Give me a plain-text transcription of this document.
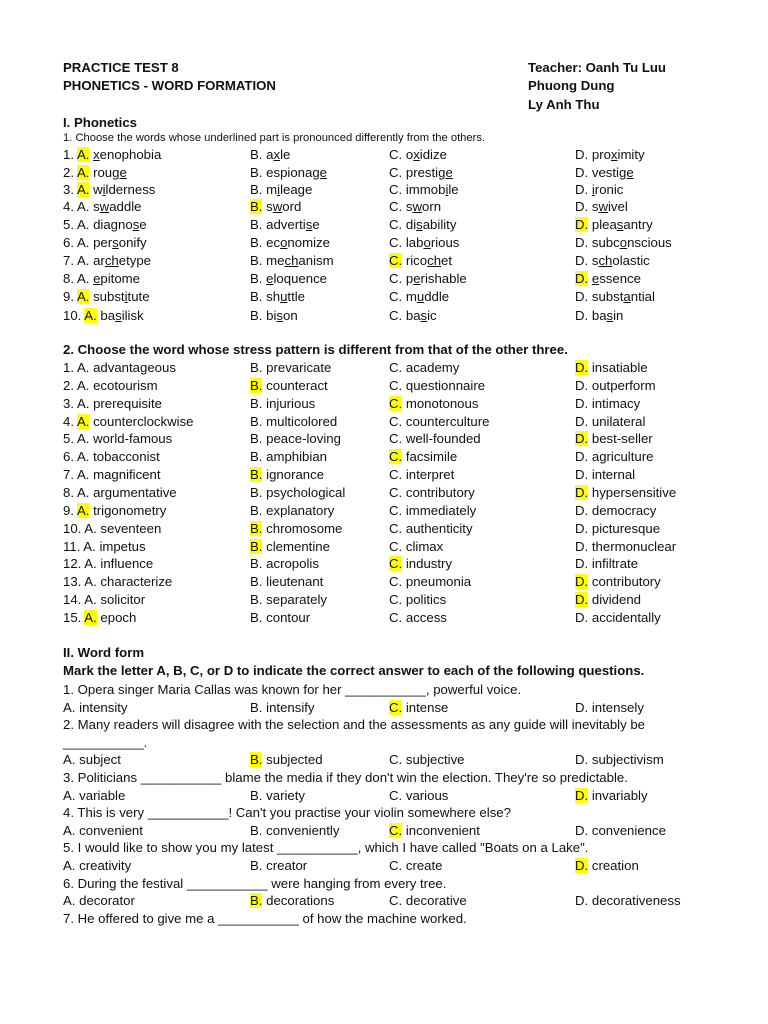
PRACTICE TEST 8
PHONETICS - WORD FORMATION
Teacher: Oanh Tu Luu
Phuong Dung
Ly Anh Thu
I. Phonetics
1. Choose the words whose underlined part is pronounced differently from the others.
1. A. xenophobia	B. axle	C. oxidize	D. proximity
2. A. rouge	B. espionage	C. prestige	D. vestige
3. A. wilderness	B. mileage	C. immobile	D. ironic
4. A. swaddle	B. sword	C. sworn	D. swivel
5. A. diagnose	B. advertise	C. disability	D. pleasantry
6. A. personify	B. economize	C. laborious	D. subconscious
7. A. archetype	B. mechanism	C. ricochet	D. scholastic
8. A. epitome	B. eloquence	C. perishable	D. essence
9. A. substitute	B. shuttle	C. muddle	D. substantial
10. A. basilisk	B. bison	C. basic	D. basin
2. Choose the word whose stress pattern is different from that of the other three.
1. A. advantageous	B. prevaricate	C. academy	D. insatiable
2. A. ecotourism	B. counteract	C. questionnaire	D. outperform
3. A. prerequisite	B. injurious	C. monotonous	D. intimacy
4. A. counterclockwise	B. multicolored	C. counterculture	D. unilateral
5. A. world-famous	B. peace-loving	C. well-founded	D. best-seller
6. A. tobacconist	B. amphibian	C. facsimile	D. agriculture
7. A. magnificent	B. ignorance	C. interpret	D. internal
8. A. argumentative	B. psychological	C. contributory	D. hypersensitive
9. A. trigonometry	B. explanatory	C. immediately	D. democracy
10. A. seventeen	B. chromosome	C. authenticity	D. picturesque
11. A. impetus	B. clementine	C. climax	D. thermonuclear
12. A. influence	B. acropolis	C. industry	D. infiltrate
13. A. characterize	B. lieutenant	C. pneumonia	D. contributory
14. A. solicitor	B. separately	C. politics	D. dividend
15. A. epoch	B. contour	C. access	D. accidentally
II. Word form
Mark the letter A, B, C, or D to indicate the correct answer to each of the following questions.
1. Opera singer Maria Callas was known for her ___________, powerful voice.
A. intensity	B. intensify	C. intense	D. intensely
2. Many readers will disagree with the selection and the assessments as any guide will inevitably be
___________.
A. subject	B. subjected	C. subjective	D. subjectivism
3. Politicians ___________ blame the media if they don't win the election. They're so predictable.
A. variable	B. variety	C. various	D. invariably
4. This is very ___________! Can't you practise your violin somewhere else?
A. convenient	B. conveniently	C. inconvenient	D. convenience
5. I would like to show you my latest ___________, which I have called "Boats on a Lake".
A. creativity	B. creator	C. create	D. creation
6. During the festival ___________ were hanging from every tree.
A. decorator	B. decorations	C. decorative	D. decorativeness
7. He offered to give me a ___________ of how the machine worked.
